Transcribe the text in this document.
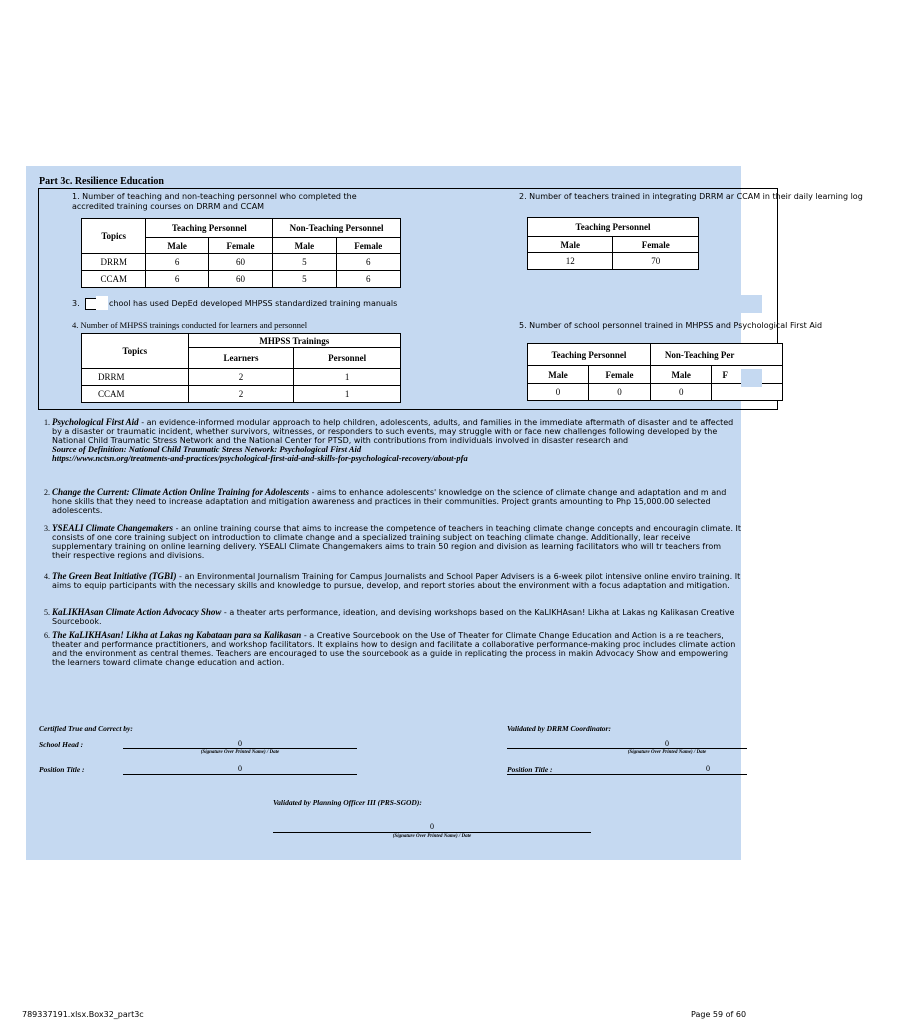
Part 3c. Resilience Education
1. Number of teaching and non-teaching personnel who completed the accredited training courses on DRRM and CCAM
Topics	Teaching Personnel		Non-Teaching Personnel	
	Male	Female	Male	Female
DRRM	6	60	5	6
CCAM	6	60	5	6
2. Number of teachers trained in integrating DRRM ar CCAM in their daily learning log
Teaching Personnel	
Male	Female
12	70
3.	chool has used DepEd developed MHPSS standardized training manuals
4. Number of MHPSS trainings conducted for learners and personnel
Topics	MHPSS Trainings	
	Learners	Personnel
DRRM	2	1
CCAM	2	1
5. Number of school personnel trained in MHPSS and Psychological First Aid
Teaching Personnel		Non-Teaching Per	
Male	Female	Male	F
0	0	0	
1. Psychological First Aid - an evidence-informed modular approach to help children, adolescents, adults, and families in the immediate aftermath of disaster and te affected by a disaster or traumatic incident, whether survivors, witnesses, or responders to such events, may struggle with or face new challenges following developed by the National Child Traumatic Stress Network and the National Center for PTSD, with contributions from individuals involved in disaster research and
Source of Definition: National Child Traumatic Stress Network: Psychological First Aid
https://www.nctsn.org/treatments-and-practices/psychological-first-aid-and-skills-for-psychological-recovery/about-pfa
2. Change the Current: Climate Action Online Training for Adolescents - aims to enhance adolescents' knowledge on the science of climate change and adaptation and m and hone skills that they need to increase adaptation and mitigation awareness and practices in their communities. Project grants amounting to Php 15,000.00 selected adolescents.
3. YSEALI Climate Changemakers - an online training course that aims to increase the competence of teachers in teaching climate change concepts and encouragin climate. It consists of one core training subject on introduction to climate change and a specialized training subject on teaching climate change. Additionally, lear receive supplementary training on online learning delivery. YSEALI Climate Changemakers aims to train 50 region and division as learning facilitators who will tr teachers from their respective regions and divisions.
4. The Green Beat Initiative (TGBI) - an Environmental Journalism Training for Campus Journalists and School Paper Advisers is a 6-week pilot intensive online enviro training. It aims to equip participants with the necessary skills and knowledge to pursue, develop, and report stories about the environment with a focus adaptation and mitigation.
5. KaLIKHAsan Climate Action Advocacy Show - a theater arts performance, ideation, and devising workshops based on the KaLIKHAsan! Likha at Lakas ng Kalikasan Creative Sourcebook.
6. The KaLIKHAsan! Likha at Lakas ng Kabataan para sa Kalikasan - a Creative Sourcebook on the Use of Theater for Climate Change Education and Action is a re teachers, theater and performance practitioners, and workshop facilitators. It explains how to design and facilitate a collaborative performance-making proc includes climate action and the environment as central themes. Teachers are encouraged to use the sourcebook as a guide in replicating the process in makin Advocacy Show and empowering the learners toward climate change education and action.
Certified True and Correct by:
School Head :	0
(Signature Over Printed Name) / Date
Position Title :	0
Validated by DRRM Coordinator:
0
(Signature Over Printed Name) / Date
Position Title :	0
Validated by Planning Officer III (PRS-SGOD):
0
(Signature Over Printed Name) / Date
789337191.xlsx.Box32_part3c	Page 59 of 60
